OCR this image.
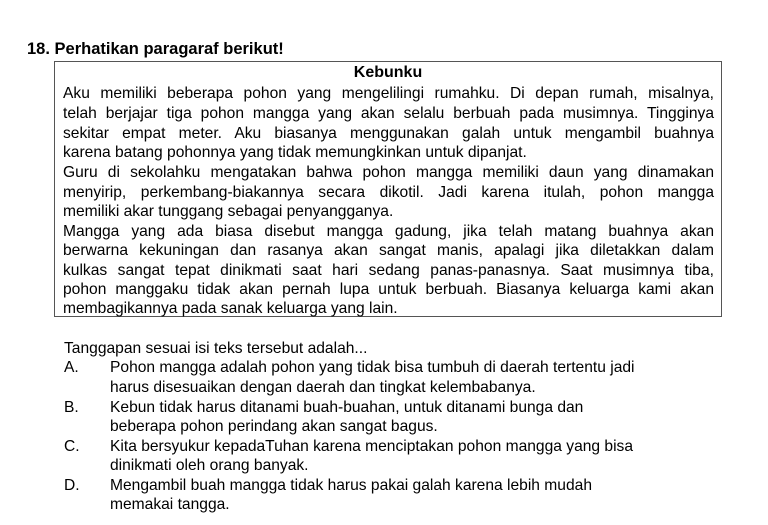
18. Perhatikan paragaraf berikut!
Kebunku
Aku memiliki beberapa pohon yang mengelilingi rumahku. Di depan rumah, misalnya,
telah berjajar tiga pohon mangga yang akan selalu berbuah pada musimnya. Tingginya
sekitar empat meter. Aku biasanya menggunakan galah untuk mengambil buahnya
karena batang pohonnya yang tidak memungkinkan untuk dipanjat.
Guru di sekolahku mengatakan bahwa pohon mangga memiliki daun yang dinamakan
menyirip, perkembang-biakannya secara dikotil. Jadi karena itulah, pohon mangga
memiliki akar tunggang sebagai penyangganya.
Mangga yang ada biasa disebut mangga gadung, jika telah matang buahnya akan
berwarna kekuningan dan rasanya akan sangat manis, apalagi jika diletakkan dalam
kulkas sangat tepat dinikmati saat hari sedang panas-panasnya. Saat musimnya tiba,
pohon manggaku tidak akan pernah lupa untuk berbuah. Biasanya keluarga kami akan
membagikannya pada sanak keluarga yang lain.
Tanggapan sesuai isi teks tersebut adalah...
A. Pohon mangga adalah pohon yang tidak bisa tumbuh di daerah tertentu jadi
harus disesuaikan dengan daerah dan tingkat kelembabanya.
B. Kebun tidak harus ditanami buah-buahan, untuk ditanami bunga dan
beberapa pohon perindang akan sangat bagus.
C. Kita bersyukur kepadaTuhan karena menciptakan pohon mangga yang bisa
dinikmati oleh orang banyak.
D. Mengambil buah mangga tidak harus pakai galah karena lebih mudah
memakai tangga.
